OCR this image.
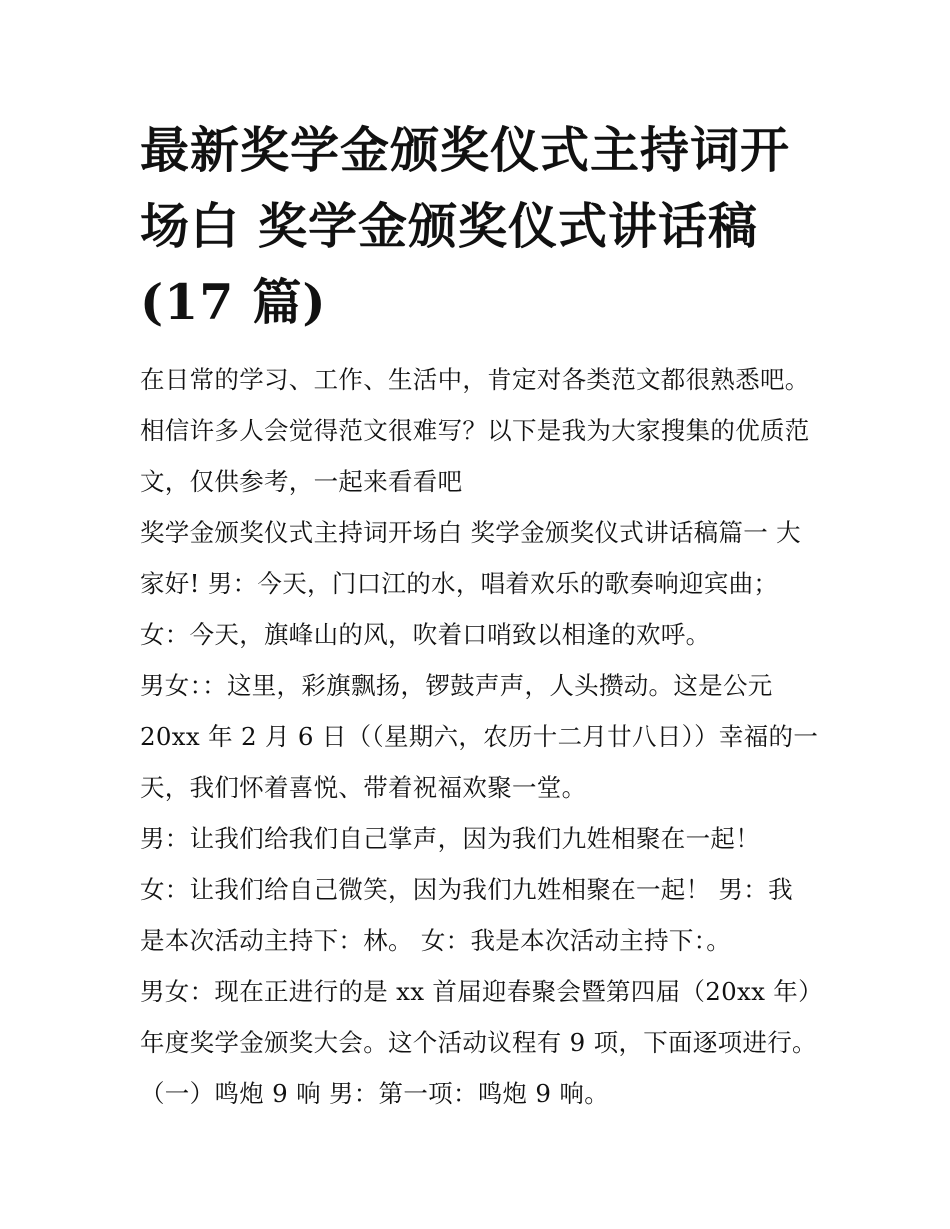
最新奖学金颁奖仪式主持词开
场白 奖学金颁奖仪式讲话稿
(17 篇)
在日常的学习、工作、生活中，肯定对各类范文都很熟悉吧。
相信许多人会觉得范文很难写？以下是我为大家搜集的优质范
文，仅供参考，一起来看看吧
奖学金颁奖仪式主持词开场白 奖学金颁奖仪式讲话稿篇一 大
家好! 男：今天，门口江的水，唱着欢乐的歌奏响迎宾曲；
女：今天，旗峰山的风，吹着口哨致以相逢的欢呼。
男女：：这里，彩旗飘扬，锣鼓声声，人头攒动。这是公元
20xx 年 2 月 6 日（（星期六，农历十二月廿八日））幸福的一
天，我们怀着喜悦、带着祝福欢聚一堂。
男：让我们给我们自己掌声，因为我们九姓相聚在一起！
女：让我们给自己微笑，因为我们九姓相聚在一起！ 男：我
是本次活动主持下：林。 女：我是本次活动主持下：。
男女：现在正进行的是 xx 首届迎春聚会暨第四届（20xx 年）
年度奖学金颁奖大会。这个活动议程有 9 项，下面逐项进行。
（一）鸣炮 9 响 男：第一项：鸣炮 9 响。
